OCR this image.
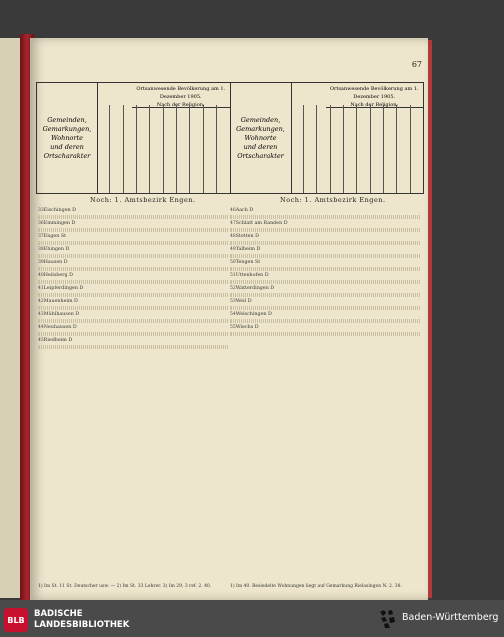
67
Gemeinden,
Gemarkungen,
Wohnorte
und deren
Ortscharakter
Ortsanwesende Bevölkerung am 1. Dezember 1905.
Nach der Religion:
Gemeinden,
Gemarkungen,
Wohnorte
und deren
Ortscharakter
Ortsanwesende Bevölkerung am 1. Dezember 1905.
Nach der Religion:
Noch: 1. Amtsbezirk Engen.	Noch: 1. Amtsbezirk Engen.
33 Eischingen D
36 Emmingen D
37 Engen St
38 Ehingen D
39 Hausen D
40 Heilsberg D
41 Leipferdingen D
42 Mauenheim D
43 Mühlhausen D
44 Neuhausen D
45 Riedheim D
46 Aach D
47 Schlatt am Randen D
48 Stetten D
49 Talheim D
50 Tengen St
51 Uttenhofen D
52 Watterdingen D
53 Weil D
54 Welschingen D
55 Wiechs D
1) Im St. 11 St. Deutscher usw. — 2) Im St. 33 Lehrer. 3) Im 29, 3 ref. 2. 40.	1) Im 40. Besiedelte Wohnungen liegt auf Gemarkung Rielasingen N. 2. 38.
BLB
BADISCHE
LANDESBIBLIOTHEK
Baden-Württemberg
